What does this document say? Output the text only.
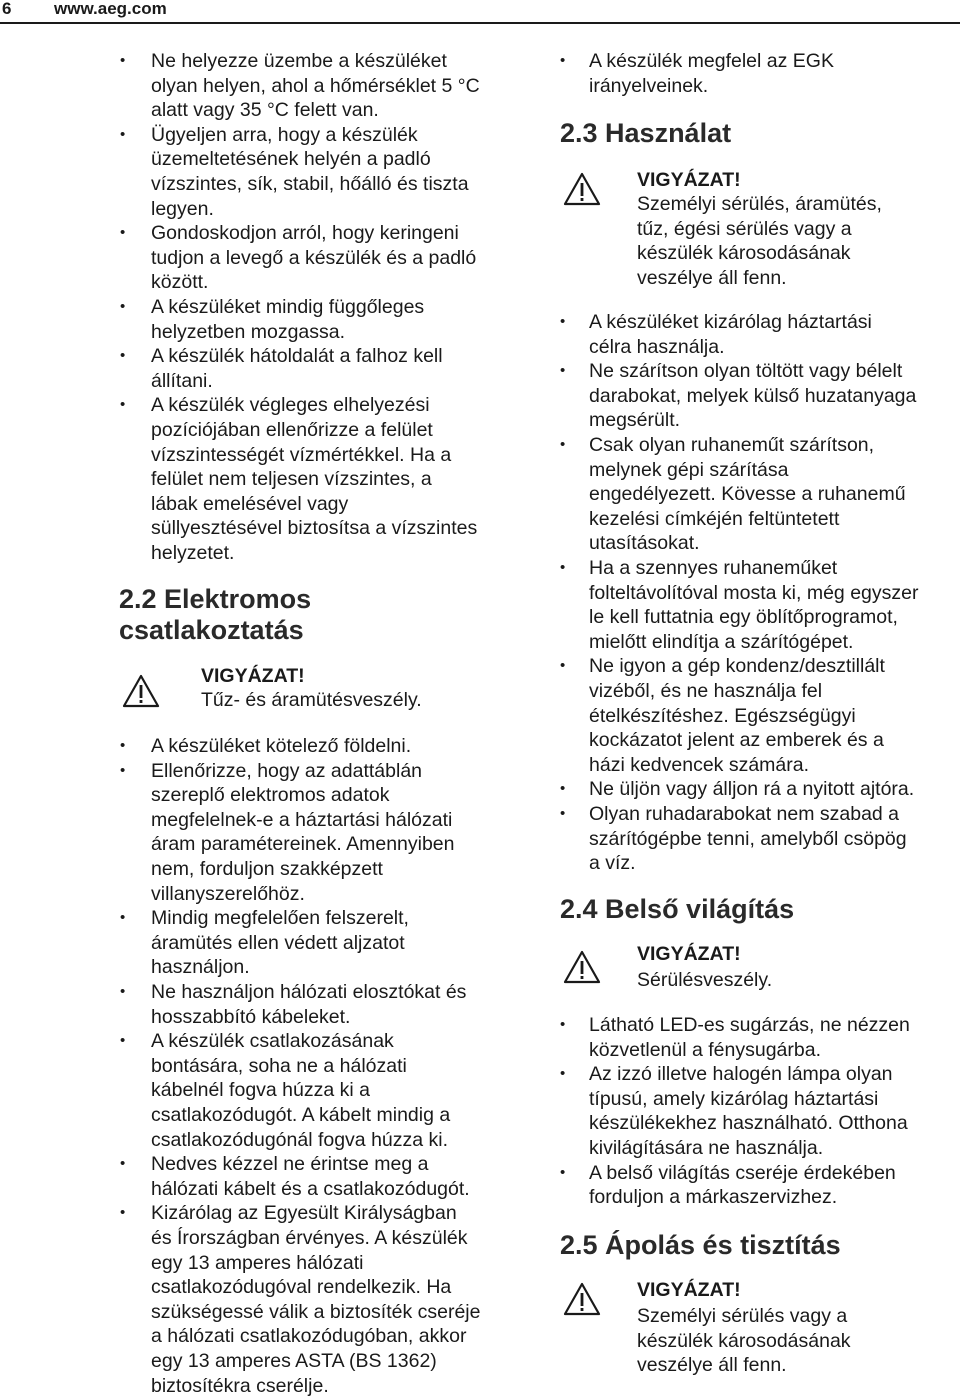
6	www.aeg.com
• Ne helyezze üzembe a készüléket
olyan helyen, ahol a hőmérséklet 5 °C
alatt vagy 35 °C felett van.
• Ügyeljen arra, hogy a készülék
üzemeltetésének helyén a padló
vízszintes, sík, stabil, hőálló és tiszta
legyen.
• Gondoskodjon arról, hogy keringeni
tudjon a levegő a készülék és a padló
között.
• A készüléket mindig függőleges
helyzetben mozgassa.
• A készülék hátoldalát a falhoz kell
állítani.
• A készülék végleges elhelyezési
pozíciójában ellenőrizze a felület
vízszintességét vízmértékkel. Ha a
felület nem teljesen vízszintes, a
lábak emelésével vagy
süllyesztésével biztosítsa a vízszintes
helyzetet.
2.2 Elektromos
csatlakoztatás
VIGYÁZAT!
Tűz- és áramütésveszély.
• A készüléket kötelező földelni.
• Ellenőrizze, hogy az adattáblán
szereplő elektromos adatok
megfelelnek-e a háztartási hálózati
áram paramétereinek. Amennyiben
nem, forduljon szakképzett
villanyszerelőhöz.
• Mindig megfelelően felszerelt,
áramütés ellen védett aljzatot
használjon.
• Ne használjon hálózati elosztókat és
hosszabbító kábeleket.
• A készülék csatlakozásának
bontására, soha ne a hálózati
kábelnél fogva húzza ki a
csatlakozódugót. A kábelt mindig a
csatlakozódugónál fogva húzza ki.
• Nedves kézzel ne érintse meg a
hálózati kábelt és a csatlakozódugót.
• Kizárólag az Egyesült Királyságban
és Írországban érvényes. A készülék
egy 13 amperes hálózati
csatlakozódugóval rendelkezik. Ha
szükségessé válik a biztosíték cseréje
a hálózati csatlakozódugóban, akkor
egy 13 amperes ASTA (BS 1362)
biztosítékra cserélje.
• A készülék megfelel az EGK
irányelveinek.
2.3 Használat
VIGYÁZAT!
Személyi sérülés, áramütés,
tűz, égési sérülés vagy a
készülék károsodásának
veszélye áll fenn.
• A készüléket kizárólag háztartási
célra használja.
• Ne szárítson olyan töltött vagy bélelt
darabokat, melyek külső huzatanyaga
megsérült.
• Csak olyan ruhaneműt szárítson,
melynek gépi szárítása
engedélyezett. Kövesse a ruhanemű
kezelési címkéjén feltüntetett
utasításokat.
• Ha a szennyes ruhaneműket
folteltávolítóval mosta ki, még egyszer
le kell futtatnia egy öblítőprogramot,
mielőtt elindítja a szárítógépet.
• Ne igyon a gép kondenz/desztillált
vizéből, és ne használja fel
ételkészítéshez. Egészségügyi
kockázatot jelent az emberek és a
házi kedvencek számára.
• Ne üljön vagy álljon rá a nyitott ajtóra.
• Olyan ruhadarabokat nem szabad a
szárítógépbe tenni, amelyből csöpög
a víz.
2.4 Belső világítás
VIGYÁZAT!
Sérülésveszély.
• Látható LED-es sugárzás, ne nézzen
közvetlenül a fénysugárba.
• Az izzó illetve halogén lámpa olyan
típusú, amely kizárólag háztartási
készülékekhez használható. Otthona
kivilágítására ne használja.
• A belső világítás cseréje érdekében
forduljon a márkaszervizhez.
2.5 Ápolás és tisztítás
VIGYÁZAT!
Személyi sérülés vagy a
készülék károsodásának
veszélye áll fenn.
